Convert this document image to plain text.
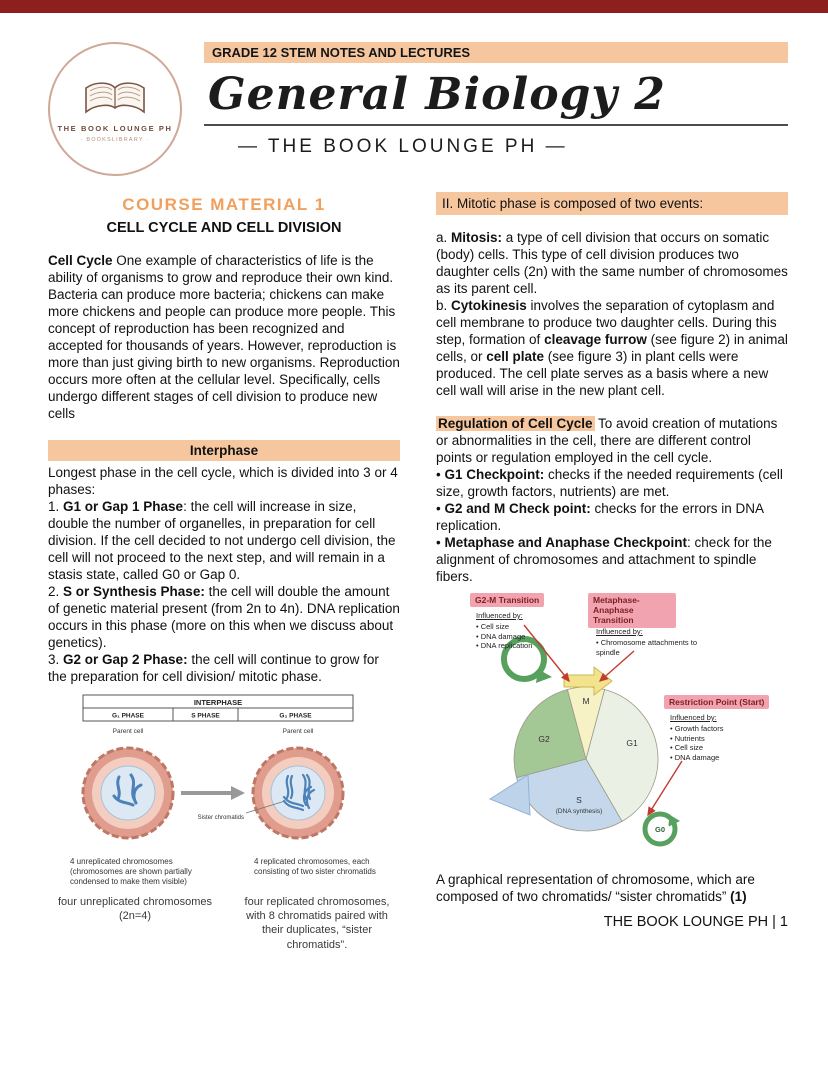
THE BOOK LOUNGE PH
· BOOKSLIBRARY ·
GRADE 12 STEM NOTES AND LECTURES
General Biology 2
— THE BOOK LOUNGE PH —
COURSE MATERIAL 1
CELL CYCLE AND CELL DIVISION

Cell Cycle One example of characteristics of life is the ability of organisms to grow and reproduce their own kind. Bacteria can produce more bacteria; chickens can make more chickens and people can produce more people. This concept of reproduction has been recognized and accepted for thousands of years. However, reproduction is more than just giving birth to new organisms. Reproduction occurs more often at the cellular level. Specifically, cells undergo different stages of cell division to produce new cells

Interphase

Longest phase in the cell cycle, which is divided into 3 or 4 phases:

1. G1 or Gap 1 Phase: the cell will increase in size, double the number of organelles, in preparation for cell division. If the cell decided to not undergo cell division, the cell will not proceed to the next step, and will remain in a stasis state, called G0 or Gap 0.

2. S or Synthesis Phase: the cell will double the amount of genetic material present (from 2n to 4n). DNA replication occurs in this phase (more on this when we discuss about genetics).

3. G2 or Gap 2 Phase: the cell will continue to grow for the preparation for cell division/ mitotic phase.

INTERPHASE
G₁ PHASE	S PHASE	G₂ PHASE
Parent cell	Parent cell
Sister chromatids
4 unreplicated chromosomes (chromosomes are shown partially condensed to make them visible)
4 replicated chromosomes, each consisting of two sister chromatids
four unreplicated chromosomes (2n=4)
four replicated chromosomes, with 8 chromatids paired with their duplicates, “sister chromatids”.
II. Mitotic phase is composed of two events:

a. Mitosis: a type of cell division that occurs on somatic (body) cells. This type of cell division produces two daughter cells (2n) with the same number of chromosomes as its parent cell.

b. Cytokinesis involves the separation of cytoplasm and cell membrane to produce two daughter cells. During this step, formation of cleavage furrow (see figure 2) in animal cells, or cell plate (see figure 3) in plant cells were produced. The cell plate serves as a basis where a new cell wall will arise in the new plant cell.

Regulation of Cell Cycle To avoid creation of mutations or abnormalities in the cell, there are different control points or regulation employed in the cell cycle.

• G1 Checkpoint: checks if the needed requirements (cell size, growth factors, nutrients) are met.

• G2 and M Check point: checks for the errors in DNA replication.

• Metaphase and Anaphase Checkpoint: check for the alignment of chromosomes and attachment to spindle fibers.

G0
G2
M
G1
S
(DNA synthesis)
G2-M Transition
Influenced by:
• Cell size
• DNA damage
• DNA replication
Metaphase-Anaphase Transition
Influenced by:
• Chromosome attachments to spindle
Restriction Point (Start)
Influenced by:
• Growth factors
• Nutrients
• Cell size
• DNA damage

A graphical representation of chromosome, which are composed of two chromatids/ “sister chromatids” (1)

THE BOOK LOUNGE PH | 1
